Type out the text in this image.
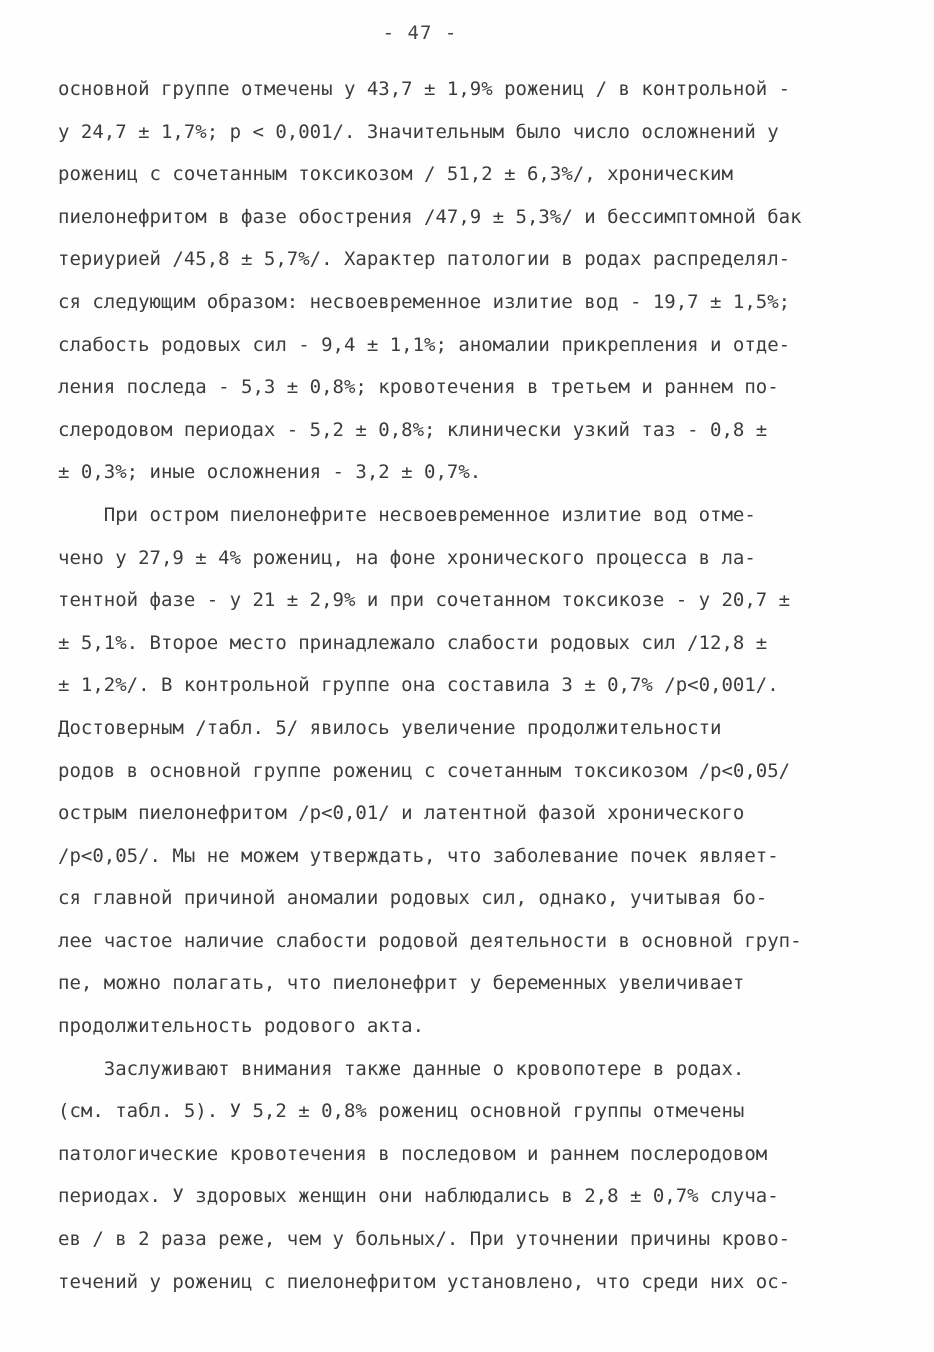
- 47 -
основной группе отмечены у 43,7 ± 1,9% рожениц / в контрольной -
у 24,7 ± 1,7%; р < 0,001/. Значительным было число осложнений у
рожениц с сочетанным токсикозом / 51,2 ± 6,3%/, хроническим
пиелонефритом в фазе обострения /47,9 ± 5,3%/ и бессимптомной бак
териурией /45,8 ± 5,7%/. Характер патологии в родах распределял-
ся следующим образом: несвоевременное излитие вод - 19,7 ± 1,5%;
слабость родовых сил - 9,4 ± 1,1%; аномалии прикрепления и отде-
ления последа - 5,3 ± 0,8%; кровотечения в третьем и раннем по-
слеродовом периодах - 5,2 ± 0,8%; клинически узкий таз - 0,8 ±
± 0,3%; иные осложнения - 3,2 ± 0,7%.
При остром пиелонефрите несвоевременное излитие вод отме-
чено у 27,9 ± 4% рожениц, на фоне хронического процесса в ла-
тентной фазе - у 21 ± 2,9% и при сочетанном токсикозе - у 20,7 ±
± 5,1%. Второе место принадлежало слабости родовых сил /12,8 ±
± 1,2%/. В контрольной группе она составила 3 ± 0,7% /р<0,001/.
Достоверным /табл. 5/ явилось увеличение продолжительности
родов в основной группе рожениц с сочетанным токсикозом /р<0,05/
острым пиелонефритом /р<0,01/ и латентной фазой хронического
/р<0,05/. Мы не можем утверждать, что заболевание почек являет-
ся главной причиной аномалии родовых сил, однако, учитывая бо-
лее частое наличие слабости родовой деятельности в основной груп-
пе, можно полагать, что пиелонефрит у беременных увеличивает
продолжительность родового акта.
Заслуживают внимания также данные о кровопотере в родах.
(см. табл. 5). У 5,2 ± 0,8% рожениц основной группы отмечены
патологические кровотечения в последовом и раннем послеродовом
периодах. У здоровых женщин они наблюдались в 2,8 ± 0,7% случа-
ев / в 2 раза реже, чем у больных/. При уточнении причины крово-
течений у рожениц с пиелонефритом установлено, что среди них ос-
